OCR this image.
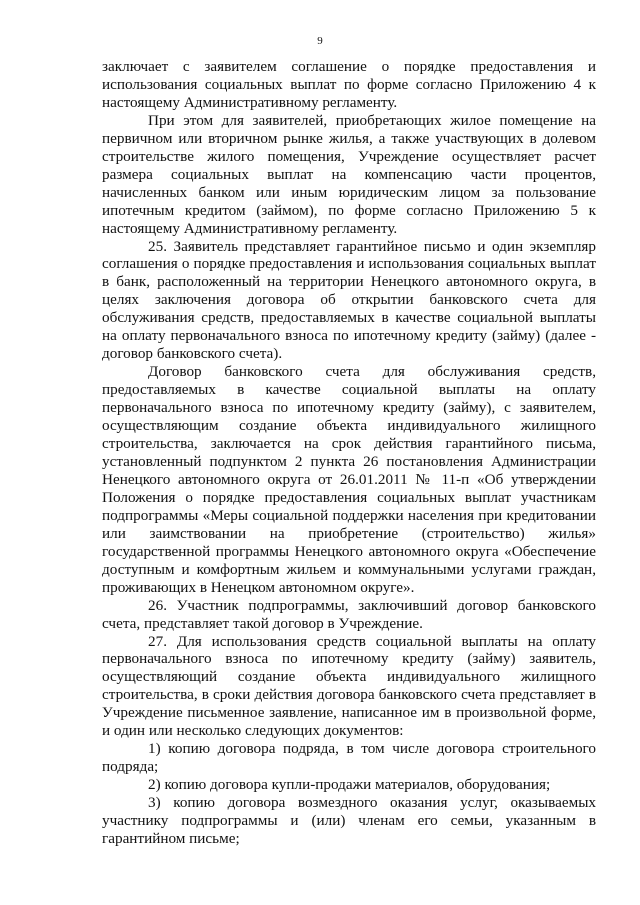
9

заключает с заявителем соглашение о порядке предоставления и использования социальных выплат по форме согласно Приложению 4 к настоящему Административному регламенту.

При этом для заявителей, приобретающих жилое помещение на первичном или вторичном рынке жилья, а также участвующих в долевом строительстве жилого помещения, Учреждение осуществляет расчет размера социальных выплат на компенсацию части процентов, начисленных банком или иным юридическим лицом за пользование ипотечным кредитом (займом), по форме согласно Приложению 5 к настоящему Административному регламенту.

25. Заявитель представляет гарантийное письмо и один экземпляр соглашения о порядке предоставления и использования социальных выплат в банк, расположенный на территории Ненецкого автономного округа, в целях заключения договора об открытии банковского счета для обслуживания средств, предоставляемых в качестве социальной выплаты на оплату первоначального взноса по ипотечному кредиту (займу) (далее - договор банковского счета).

Договор банковского счета для обслуживания средств, предоставляемых в качестве социальной выплаты на оплату первоначального взноса по ипотечному кредиту (займу), с заявителем, осуществляющим создание объекта индивидуального жилищного строительства, заключается на срок действия гарантийного письма, установленный подпунктом 2 пункта 26 постановления Администрации Ненецкого автономного округа от 26.01.2011 № 11-п «Об утверждении Положения о порядке предоставления социальных выплат участникам подпрограммы «Меры социальной поддержки населения при кредитовании или заимствовании на приобретение (строительство) жилья» государственной программы Ненецкого автономного округа «Обеспечение доступным и комфортным жильем и коммунальными услугами граждан, проживающих в Ненецком автономном округе».

26. Участник подпрограммы, заключивший договор банковского счета, представляет такой договор в Учреждение.

27. Для использования средств социальной выплаты на оплату первоначального взноса по ипотечному кредиту (займу) заявитель, осуществляющий создание объекта индивидуального жилищного строительства, в сроки действия договора банковского счета представляет в Учреждение письменное заявление, написанное им в произвольной форме, и один или несколько следующих документов:

1) копию договора подряда, в том числе договора строительного подряда;

2) копию договора купли-продажи материалов, оборудования;

3) копию договора возмездного оказания услуг, оказываемых участнику подпрограммы и (или) членам его семьи, указанным в гарантийном письме;
